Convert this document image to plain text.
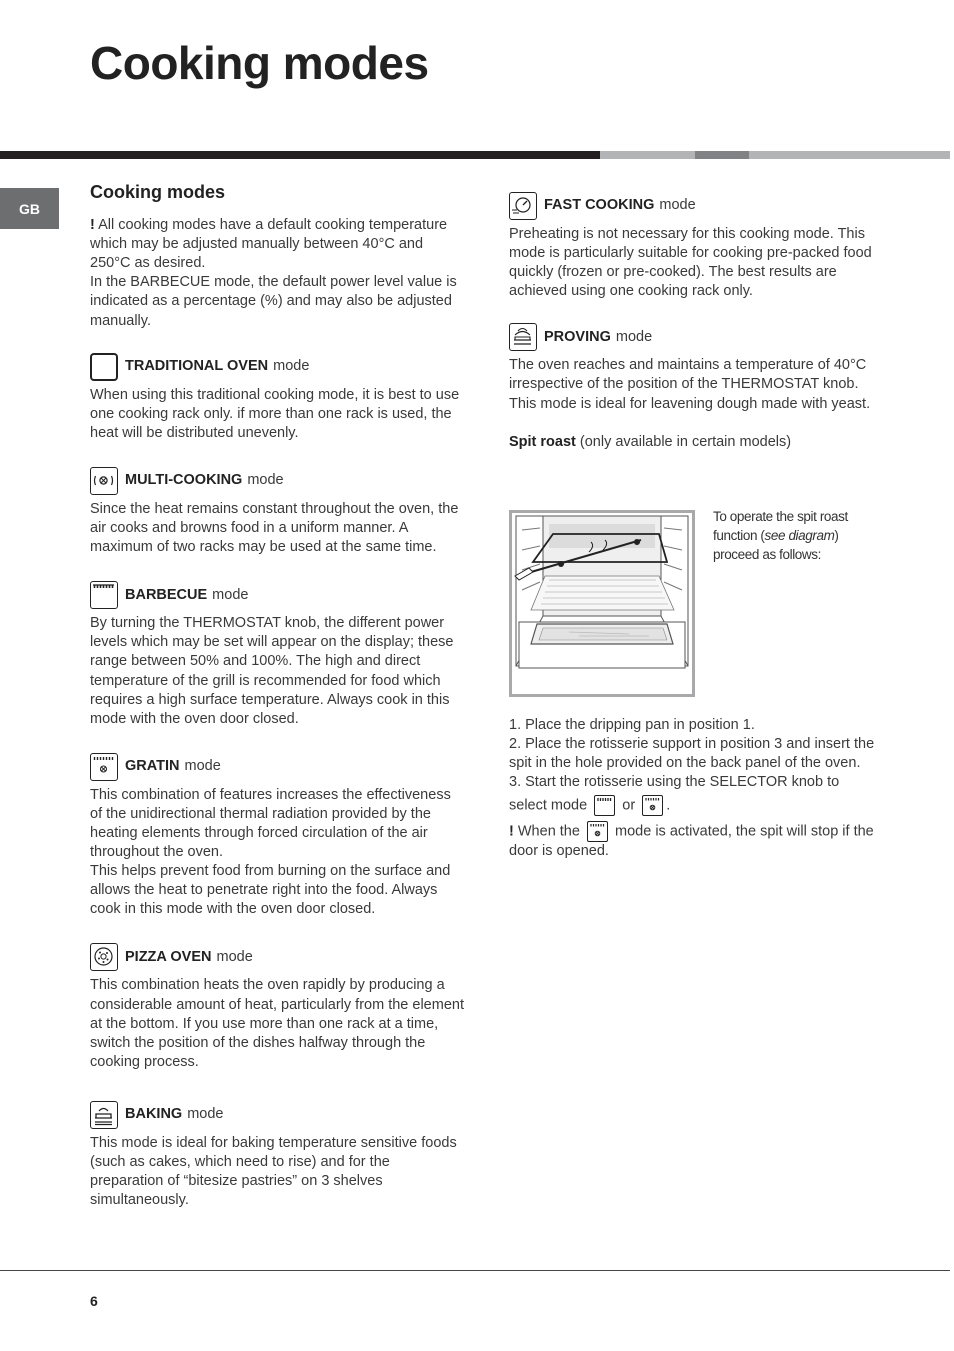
Cooking modes
GB
Cooking modes

! All cooking modes have a default cooking temperature which may be adjusted manually between 40°C and 250°C as desired.

In the BARBECUE mode, the default power level value is indicated as a percentage (%) and may also be adjusted manually.

TRADITIONAL OVEN mode

When using this traditional cooking mode, it is best to use one cooking rack only. if more than one rack is used, the heat will be distributed unevenly.

MULTI-COOKING mode

Since the heat remains constant throughout the oven, the air cooks and browns food in a uniform manner. A maximum of two racks may be used at the same time.

BARBECUE mode

By turning the THERMOSTAT knob, the different power levels which may be set will appear on the display; these range between 50% and 100%. The high and direct temperature of the grill is recommended for food which requires a high surface temperature. Always cook in this mode with the oven door closed.

GRATIN mode

This combination of features increases the effectiveness of the unidirectional thermal radiation provided by the heating elements through forced circulation of the air throughout the oven.

This helps prevent food from burning on the surface and allows the heat to penetrate right into the food. Always cook in this mode with the oven door closed.

PIZZA OVEN mode

This combination heats the oven rapidly by producing a considerable amount of heat, particularly from the element at the bottom. If you use more than one rack at a time, switch the position of the dishes halfway through the cooking process.

BAKING mode

This mode is ideal for baking temperature sensitive foods (such as cakes, which need to rise) and for the preparation of “bitesize pastries” on 3 shelves simultaneously.

FAST COOKING mode

Preheating is not necessary for this cooking mode. This mode is particularly suitable for cooking pre-packed food quickly (frozen or pre-cooked). The best results are achieved using one cooking rack only.

PROVING mode

The oven reaches and maintains a temperature of 40°C irrespective of the position of the THERMOSTAT knob. This mode is ideal for leavening dough made with yeast.

Spit roast (only available in certain models)

To operate the spit roast function (see diagram) proceed as follows:

1. Place the dripping pan in position 1.

2. Place the rotisserie support in position 3 and insert the spit in the hole provided on the back panel of the oven.

3. Start the rotisserie using the SELECTOR knob to

select mode or .

! When the mode is activated, the spit will stop if the door is opened.

6
